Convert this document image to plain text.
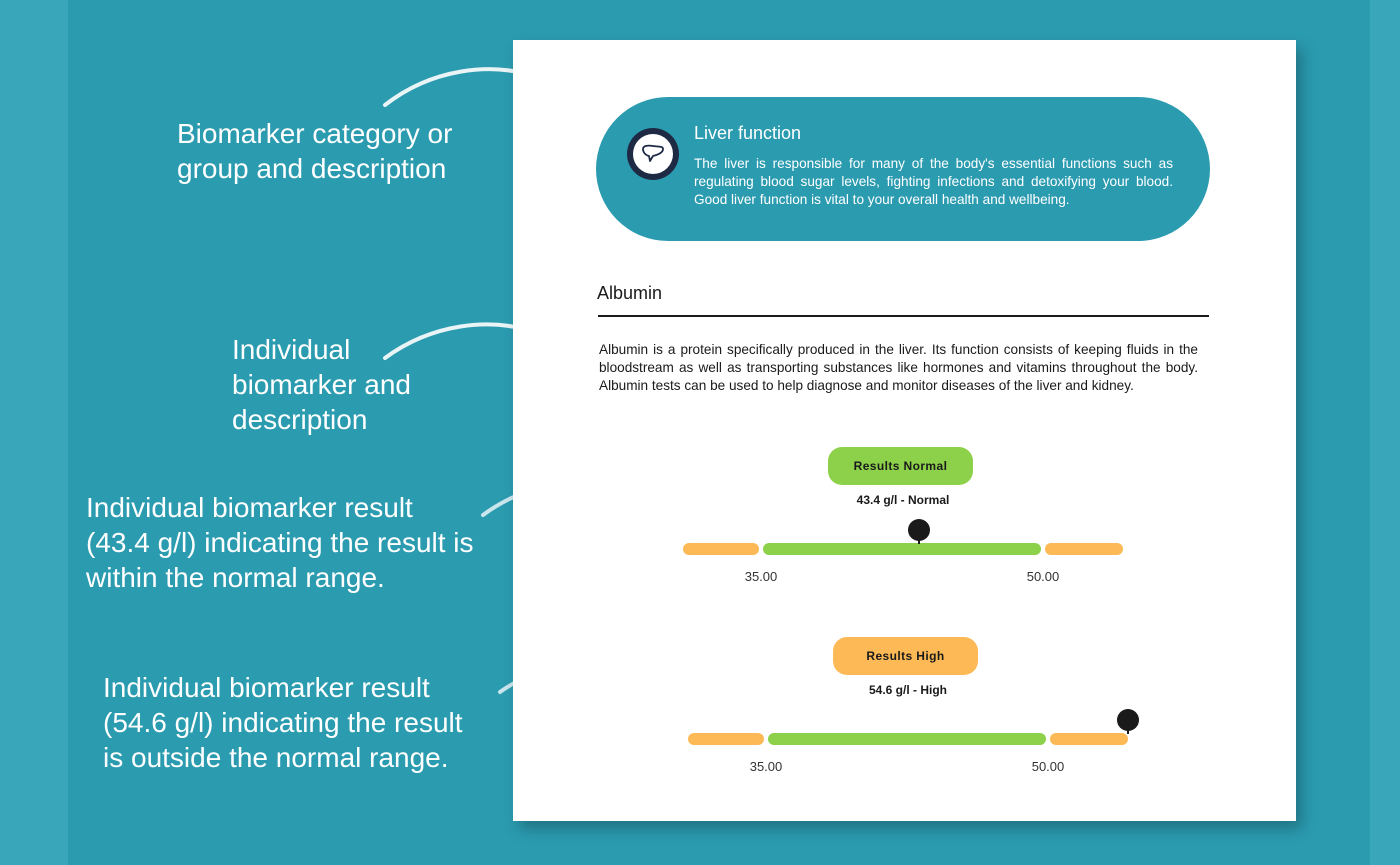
Biomarker category or
group and description
Individual
biomarker and
description
Individual biomarker result
(43.4 g/l) indicating the result is
within the normal range.
Individual biomarker result
(54.6 g/l) indicating the result
is outside the normal range.
Liver function
The liver is responsible for many of the body's essential functions such as regulating blood sugar levels, fighting infections and detoxifying your blood. Good liver function is vital to your overall health and wellbeing.
Albumin
Albumin is a protein specifically produced in the liver. Its function consists of keeping fluids in the bloodstream as well as transporting substances like hormones and vitamins throughout the body. Albumin tests can be used to help diagnose and monitor diseases of the liver and kidney.
Results Normal
43.4 g/l - Normal
35.00	50.00
Results High
54.6 g/l - High
35.00	50.00
